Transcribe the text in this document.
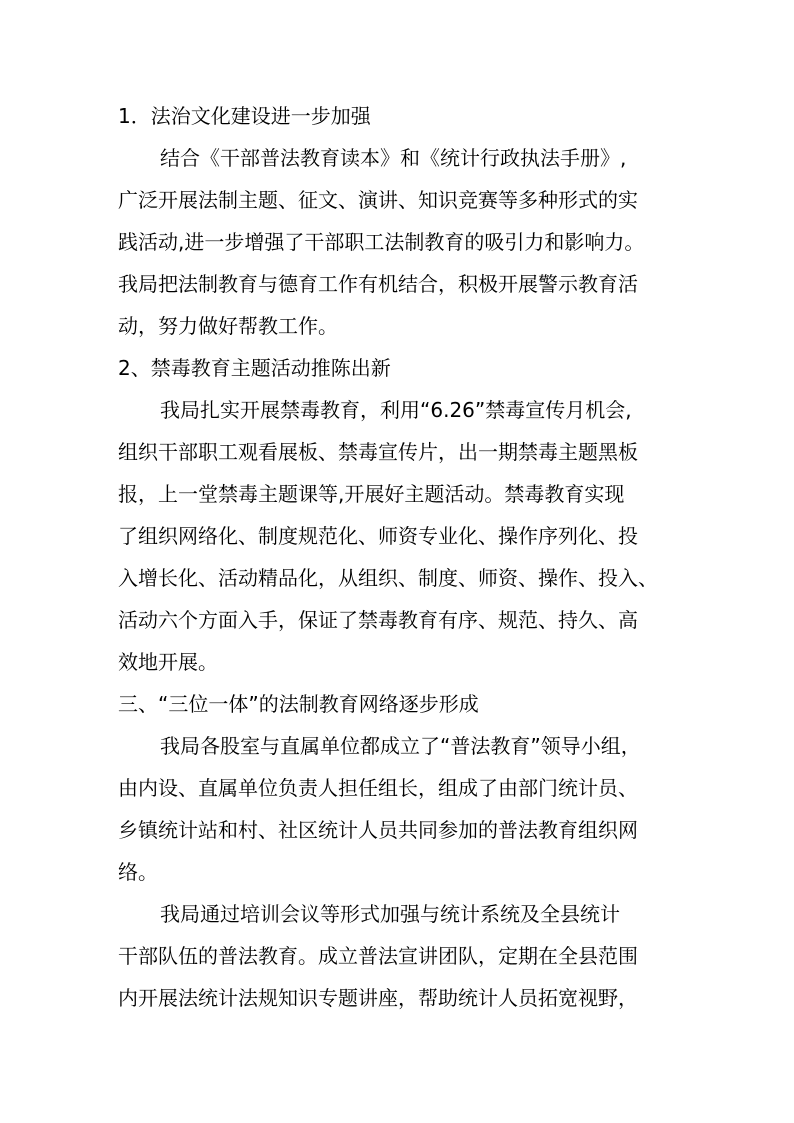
1．法治文化建设进一步加强

结合《干部普法教育读本》和《统计行政执法手册》,

广泛开展法制主题、征文、演讲、知识竞赛等多种形式的实

践活动,进一步增强了干部职工法制教育的吸引力和影响力。

我局把法制教育与德育工作有机结合，积极开展警示教育活

动，努力做好帮教工作。

2、禁毒教育主题活动推陈出新

我局扎实开展禁毒教育，利用“6.26”禁毒宣传月机会,

组织干部职工观看展板、禁毒宣传片，出一期禁毒主题黑板

报，上一堂禁毒主题课等,开展好主题活动。禁毒教育实现

了组织网络化、制度规范化、师资专业化、操作序列化、投

入增长化、活动精品化，从组织、制度、师资、操作、投入、

活动六个方面入手，保证了禁毒教育有序、规范、持久、高

效地开展。

三、“三位一体”的法制教育网络逐步形成

我局各股室与直属单位都成立了“普法教育”领导小组，

由内设、直属单位负责人担任组长，组成了由部门统计员、

乡镇统计站和村、社区统计人员共同参加的普法教育组织网

络。

我局通过培训会议等形式加强与统计系统及全县统计

干部队伍的普法教育。成立普法宣讲团队，定期在全县范围

内开展法统计法规知识专题讲座，帮助统计人员拓宽视野，
